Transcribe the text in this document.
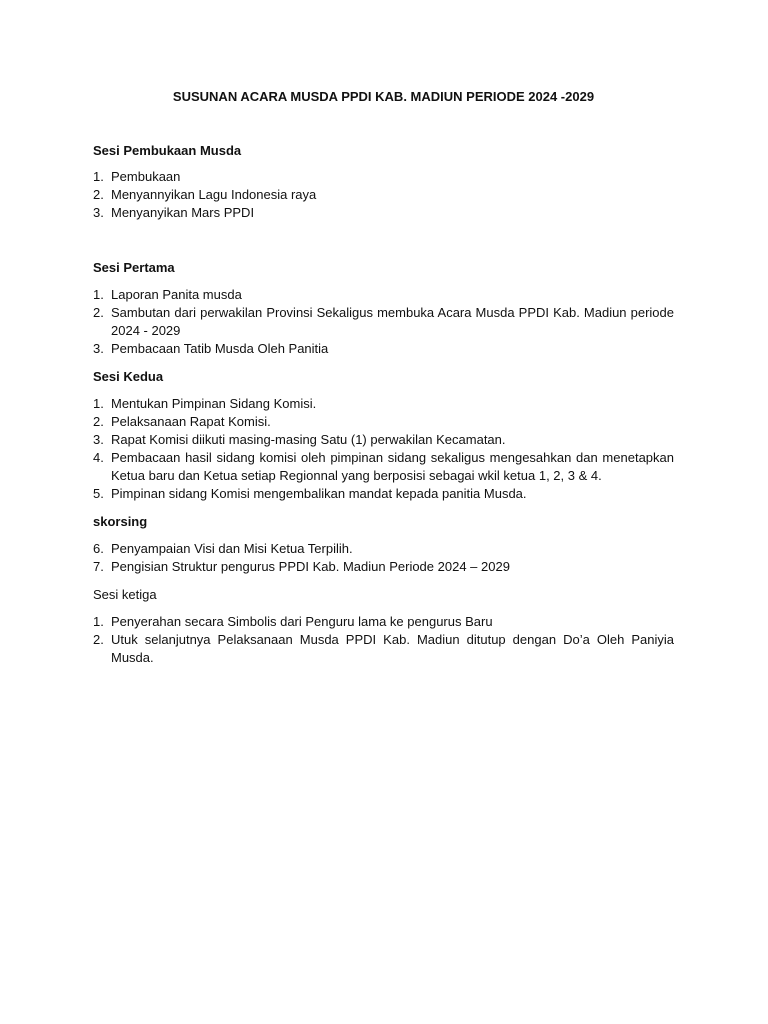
SUSUNAN ACARA MUSDA PPDI KAB. MADIUN PERIODE 2024 -2029

Sesi Pembukaan Musda

1. Pembukaan
2. Menyannyikan Lagu Indonesia raya
3. Menyanyikan Mars PPDI

Sesi Pertama

1. Laporan Panita musda
2. Sambutan dari perwakilan Provinsi Sekaligus membuka Acara Musda PPDI Kab. Madiun periode 2024 - 2029
3. Pembacaan Tatib Musda Oleh Panitia

Sesi Kedua

1. Mentukan Pimpinan Sidang Komisi.
2. Pelaksanaan Rapat Komisi.
3. Rapat Komisi diikuti masing-masing Satu (1) perwakilan Kecamatan.
4. Pembacaan hasil sidang komisi oleh pimpinan sidang sekaligus mengesahkan dan menetapkan Ketua baru dan Ketua setiap Regionnal yang berposisi sebagai wkil ketua 1, 2, 3 & 4.
5. Pimpinan sidang Komisi mengembalikan mandat kepada panitia Musda.

skorsing

6. Penyampaian Visi dan Misi Ketua Terpilih.
7. Pengisian Struktur pengurus PPDI Kab. Madiun Periode 2024 – 2029

Sesi ketiga

1. Penyerahan secara Simbolis dari Penguru lama ke pengurus Baru
2. Utuk selanjutnya Pelaksanaan Musda PPDI Kab. Madiun ditutup dengan Do’a Oleh Paniyia Musda.
